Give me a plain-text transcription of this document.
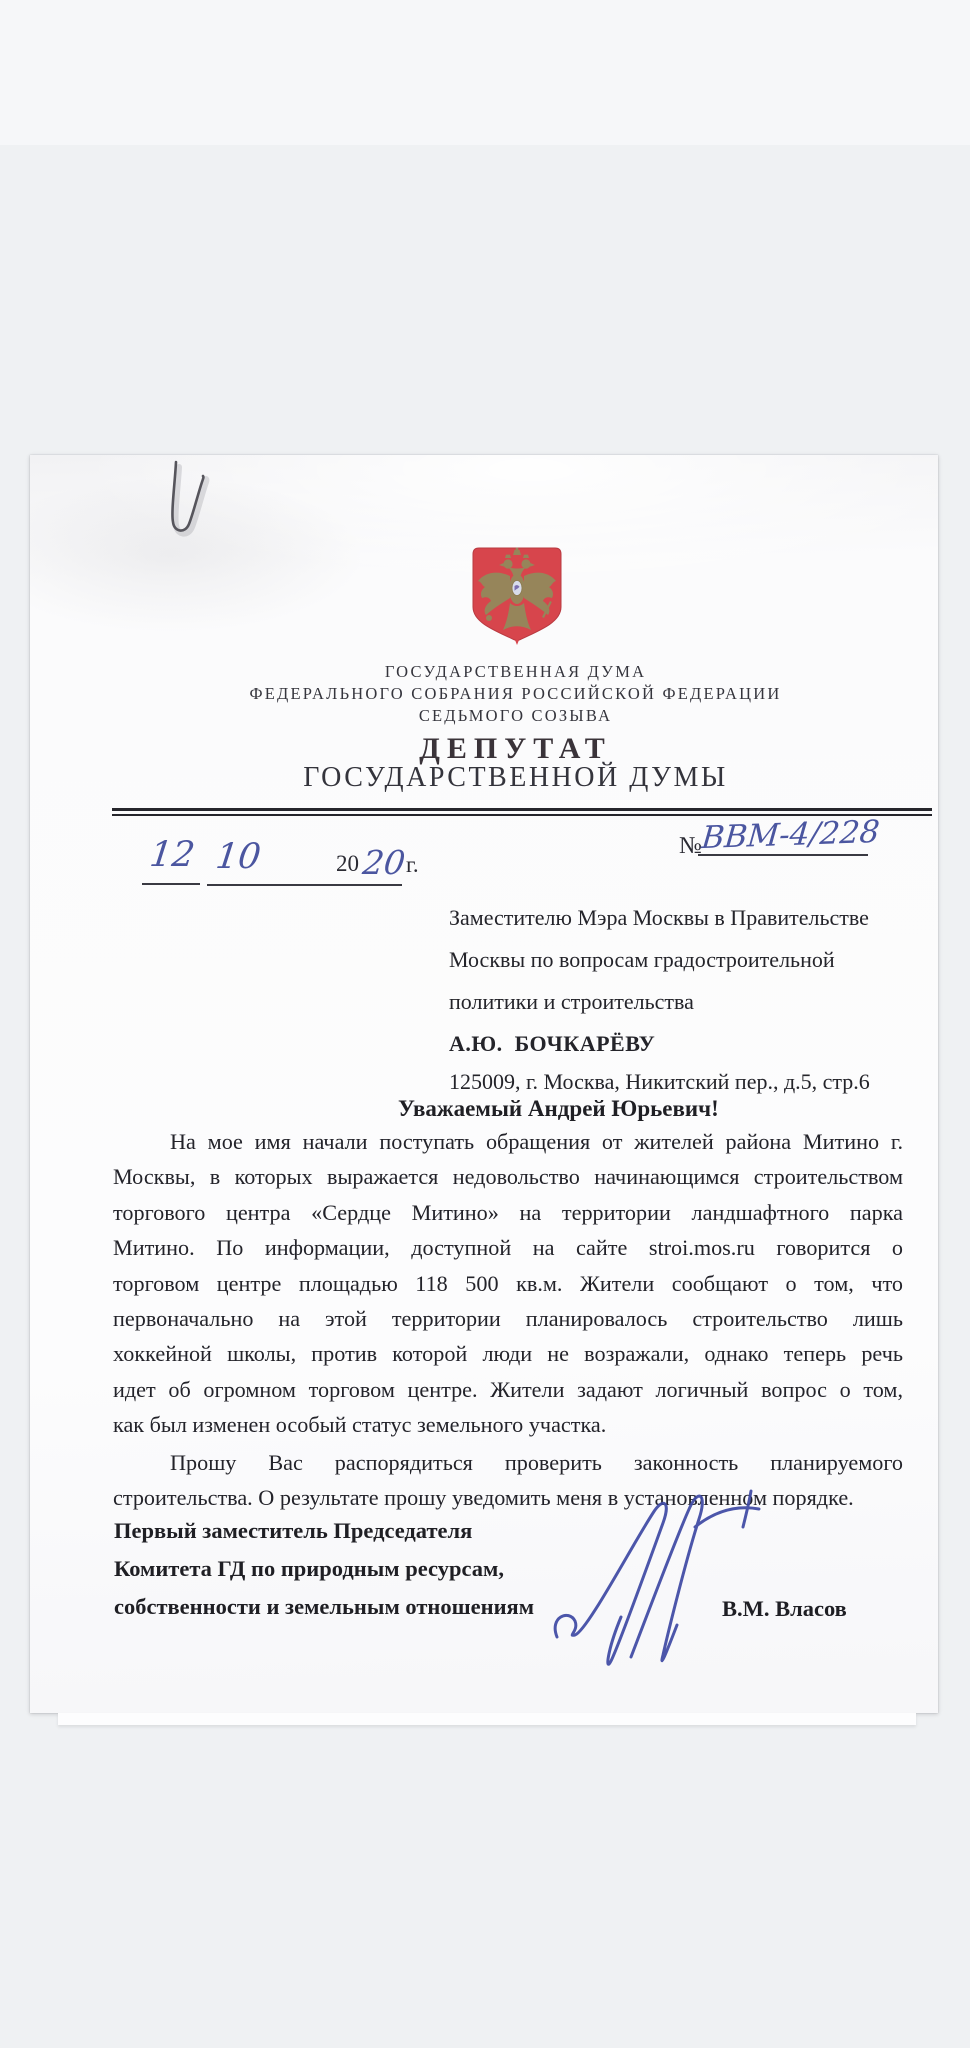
ГОСУДАРСТВЕННАЯ ДУМА
ФЕДЕРАЛЬНОГО СОБРАНИЯ РОССИЙСКОЙ ФЕДЕРАЦИИ
СЕДЬМОГО СОЗЫВА
ДЕПУТАТ
ГОСУДАРСТВЕННОЙ ДУМЫ
12 10	20 20
г.
№
ВВМ-4/228
Заместителю Мэра Москвы в Правительстве
Москвы по вопросам градостроительной
политики и строительства
А.Ю.  БОЧКАРЁВУ
125009, г. Москва, Никитский пер., д.5, стр.6
Уважаемый Андрей Юрьевич!
На мое имя начали поступать обращения от жителей района Митино г.
Москвы, в которых выражается недовольство начинающимся строительством
торгового центра «Сердце Митино» на территории ландшафтного парка
Митино. По информации, доступной на сайте stroi.mos.ru говорится о
торговом центре площадью 118 500 кв.м. Жители сообщают о том, что
первоначально на этой территории планировалось строительство лишь
хоккейной школы, против которой люди не возражали, однако теперь речь
идет об огромном торговом центре. Жители задают логичный вопрос о том,
как был изменен особый статус земельного участка.
Прошу Вас распорядиться проверить законность планируемого
строительства. О результате прошу уведомить меня в установленном порядке.
Первый заместитель Председателя
Комитета ГД по природным ресурсам,
собственности и земельным отношениям	В.М. Власов
